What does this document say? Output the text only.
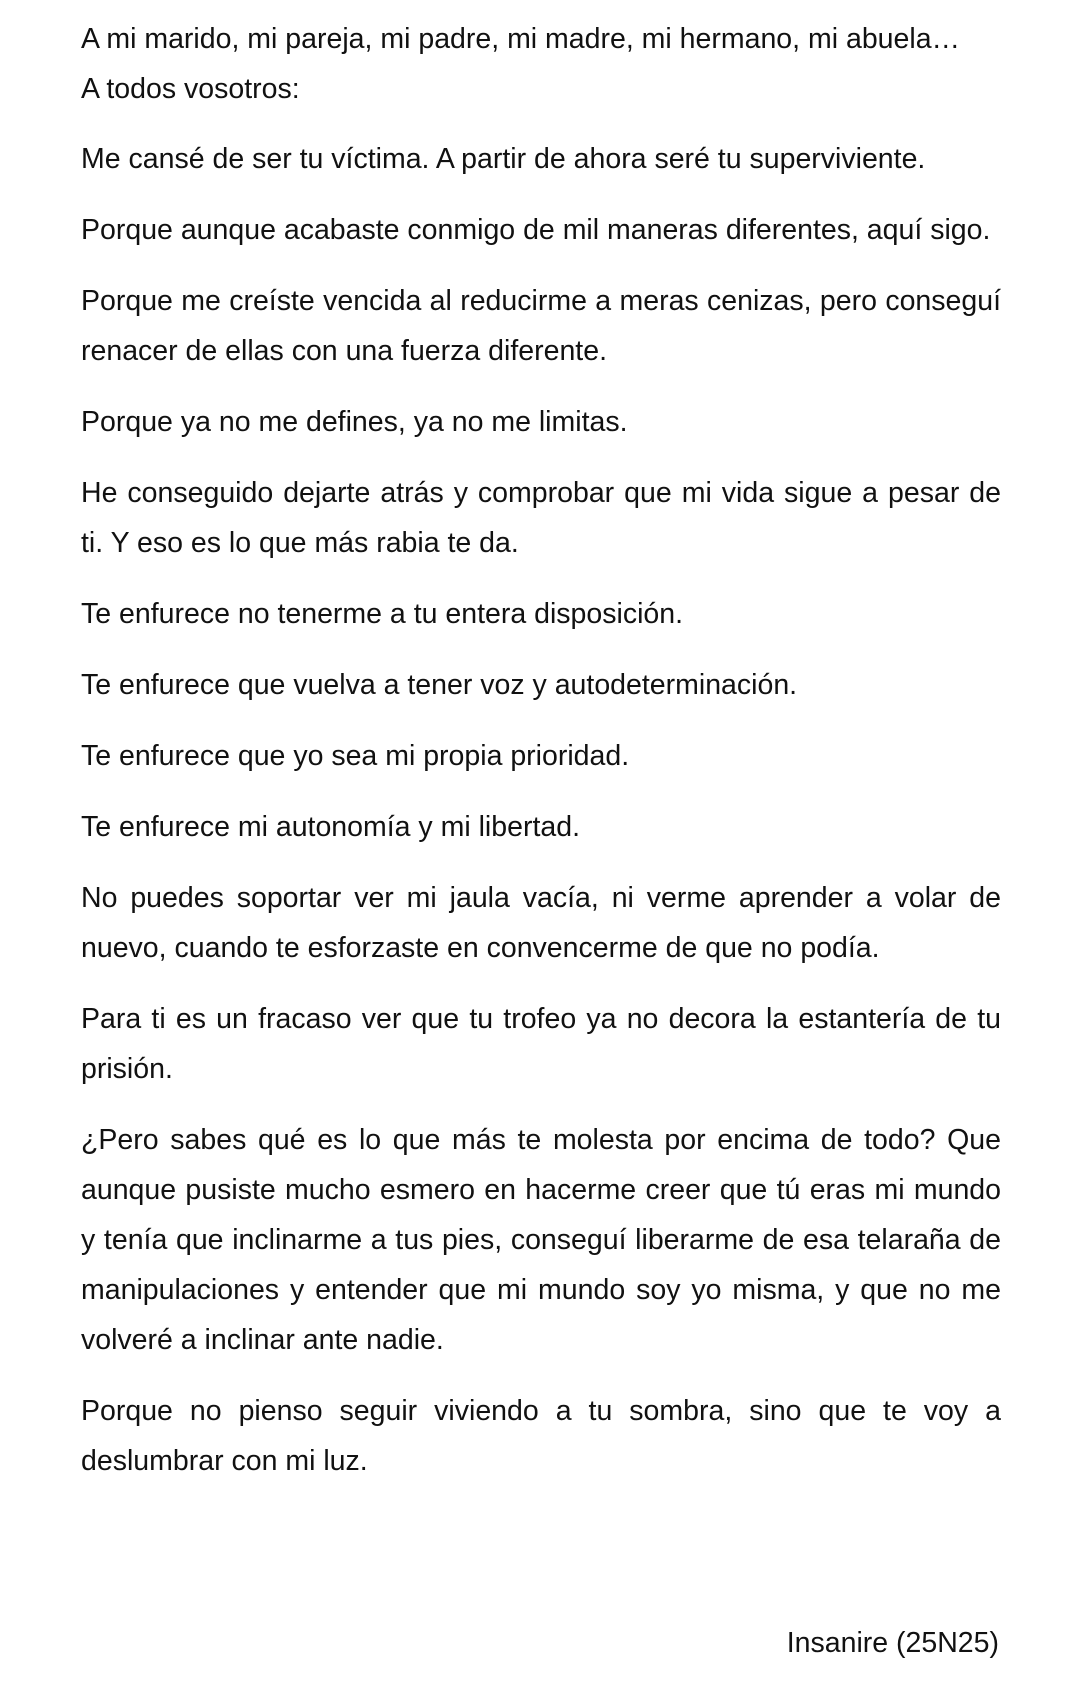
A mi marido, mi pareja, mi padre, mi madre, mi hermano, mi abuela…
A todos vosotros:

Me cansé de ser tu víctima. A partir de ahora seré tu superviviente.

Porque aunque acabaste conmigo de mil maneras diferentes, aquí sigo.

Porque me creíste vencida al reducirme a meras cenizas, pero conseguí renacer de ellas con una fuerza diferente.

Porque ya no me defines, ya no me limitas.

He conseguido dejarte atrás y comprobar que mi vida sigue a pesar de ti. Y eso es lo que más rabia te da.

Te enfurece no tenerme a tu entera disposición.

Te enfurece que vuelva a tener voz y autodeterminación.

Te enfurece que yo sea mi propia prioridad.

Te enfurece mi autonomía y mi libertad.

No puedes soportar ver mi jaula vacía, ni verme aprender a volar de nuevo, cuando te esforzaste en convencerme de que no podía.

Para ti es un fracaso ver que tu trofeo ya no decora la estantería de tu prisión.

¿Pero sabes qué es lo que más te molesta por encima de todo? Que aunque pusiste mucho esmero en hacerme creer que tú eras mi mundo y tenía que inclinarme a tus pies, conseguí liberarme de esa telaraña de manipulaciones y entender que mi mundo soy yo misma, y que no me volveré a inclinar ante nadie.

Porque no pienso seguir viviendo a tu sombra, sino que te voy a deslumbrar con mi luz.

Insanire (25N25)
